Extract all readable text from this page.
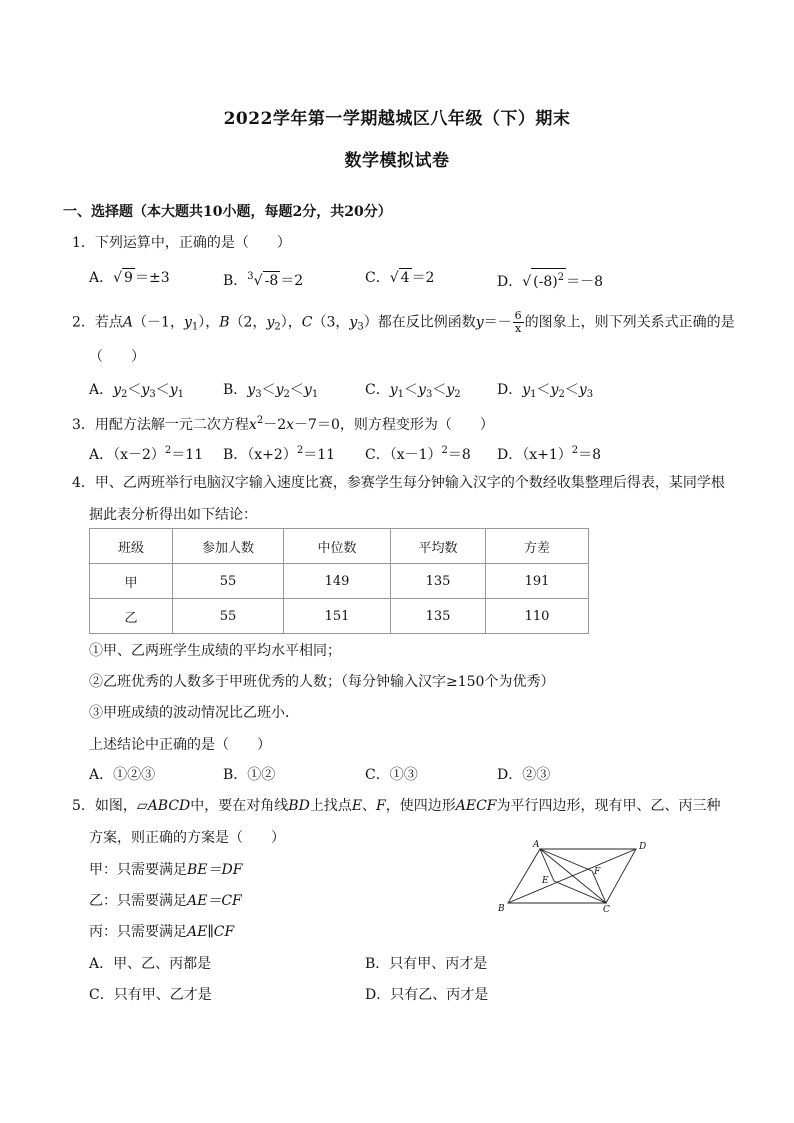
2022学年第一学期越城区八年级（下）期末
数学模拟试卷
一、选择题（本大题共10小题，每题2分，共20分）
1．下列运算中，正确的是（　　）
A．√ 9 ＝±3	B．$^3$√ -8 ＝2	C．√ 4 ＝2	D．√ $(-8)^2 =-8$
2．若点A（－1，$y_1$），B（2，$y_2$），C（3，$y_3$）都在反比例函数$y=- \frac{6}{x}$ 的图象上，则下列关系式正确的是
（　　）
A．$y_2<y_3<y_1$	B．$y_3<y_2<y_1$	C．$y_1<y_3<y_2$	D．$y_1<y_2<y_3$
3．用配方法解一元二次方程$x^2-2x-7=0$，则方程变形为（　　）
A．$(x-2)^2=11$ B．$(x+2)^2=11$ C．$(x-1)^2=8$ D．$(x+1)^2=8$
4．甲、乙两班举行电脑汉字输入速度比赛，参赛学生每分钟输入汉字的个数经收集整理后得表，某同学根
据此表分析得出如下结论：
班级	参加人数	中位数	平均数	方差
甲	55	149	135	191
乙	55	151	135	110
①甲、乙两班学生成绩的平均水平相同；
②乙班优秀的人数多于甲班优秀的人数；（每分钟输入汉字≥150个为优秀）
③甲班成绩的波动情况比乙班小．
上述结论中正确的是（　　）
A．①②③	B．①②	C．①③	D．②③
5．如图，▱ABCD中，要在对角线BD上找点E、F，使四边形AECF为平行四边形，现有甲、乙、丙三种
方案，则正确的方案是（　　）
甲：只需要满足BE＝DF
乙：只需要满足AE＝CF
丙：只需要满足AE∥CF
A．甲、乙、丙都是	B．只有甲、丙才是
C．只有甲、乙才是	D．只有乙、丙才是
A	D
B	C
E
F
